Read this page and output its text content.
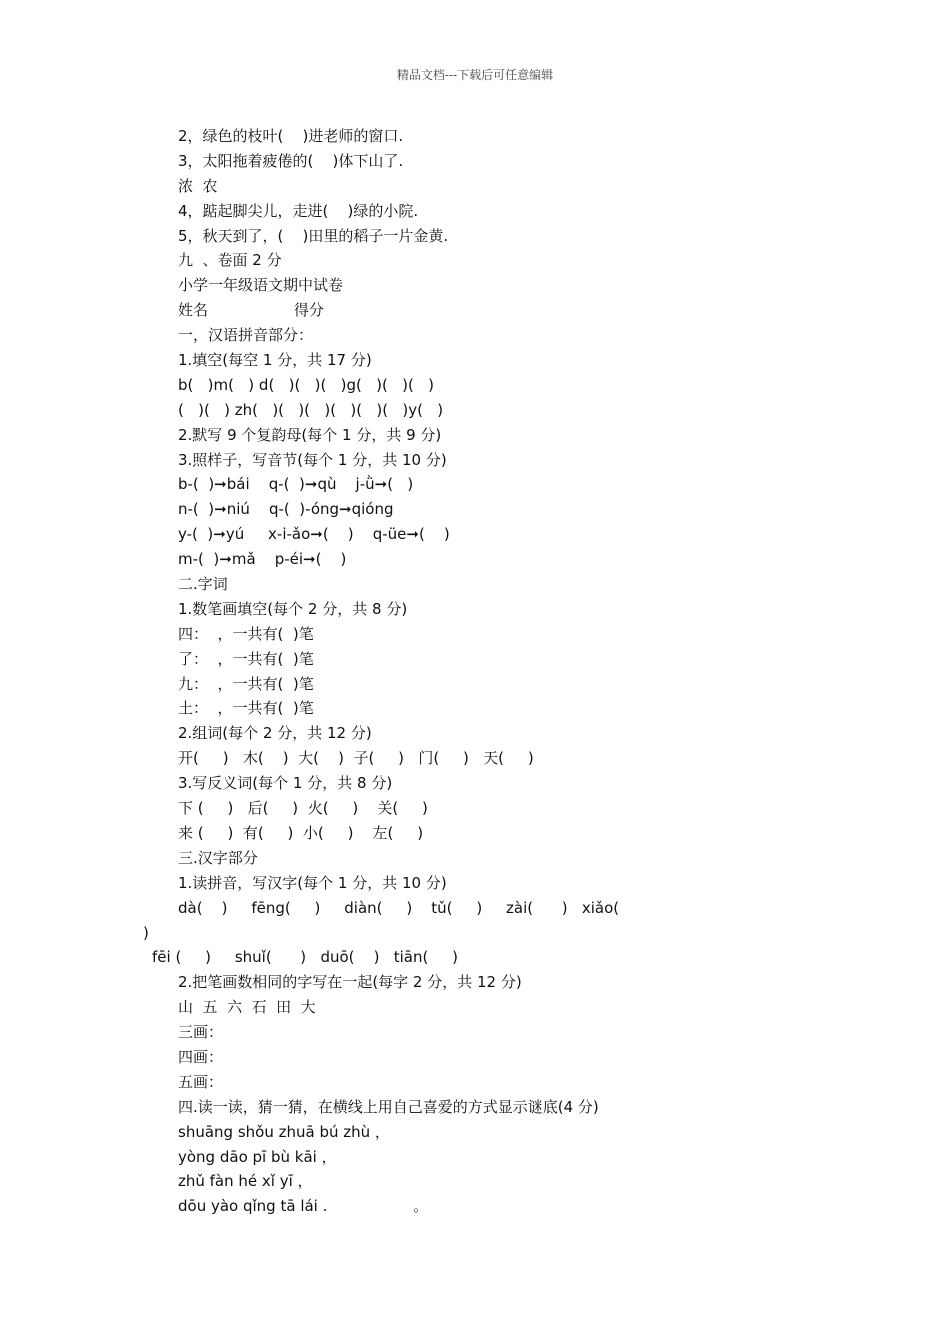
精品文档---下载后可任意编辑
2，绿色的枝叶(    )进老师的窗口.
3，太阳拖着疲倦的(    )体下山了.
浓  农
4，踮起脚尖儿，走进(    )绿的小院.
5，秋天到了，(    )田里的稻子一片金黄.
九  、卷面 2 分
小学一年级语文期中试卷
姓名                  得分
一，汉语拼音部分：
1.填空(每空 1 分，共 17 分)
b(   )m(   ) d(   )(   )(   )g(   )(   )(   )
(   )(   ) zh(   )(   )(   )(   )(   )(   )y(   )
2.默写 9 个复韵母(每个 1 分，共 9 分)
3.照样子，写音节(每个 1 分，共 10 分)
b-(  )➞bái    q-(  )➞qù    j-ǜ➞(   )
n-(  )➞niú    q-(  )-óng➞qióng
y-(  )➞yú     x-i-ǎo➞(    )    q-üe➞(    )
m-(  )➞mǎ    p-éi➞(    )
二.字词
1.数笔画填空(每个 2 分，共 8 分)
四：  ，一共有(  )笔
了：  ，一共有(  )笔
九：  ，一共有(  )笔
土：  ，一共有(  )笔
2.组词(每个 2 分，共 12 分)
开(     )   木(    )  大(    )  子(     )   门(     )   天(     )
3.写反义词(每个 1 分，共 8 分)
下 (     )   后(     )  火(     )    关(     )
来 (     )  有(     )  小(     )    左(     )
三.汉字部分
1.读拼音，写汉字(每个 1 分，共 10 分)
dà(    )     fēng(     )     diàn(     )    tǔ(     )     zài(      )   xiǎo(
)
fēi (     )     shuǐ(      )   duō(    )   tiān(     )
2.把笔画数相同的字写在一起(每字 2 分，共 12 分)
山  五  六  石  田  大
三画：
四画：
五画：
四.读一读，猜一猜，在横线上用自己喜爱的方式显示谜底(4 分)
shuāng shǒu zhuā bú zhù ，
yòng dāo pī bù kāi ，
zhǔ fàn hé xǐ yī ，
dōu yào qǐng tā lái .                  。
